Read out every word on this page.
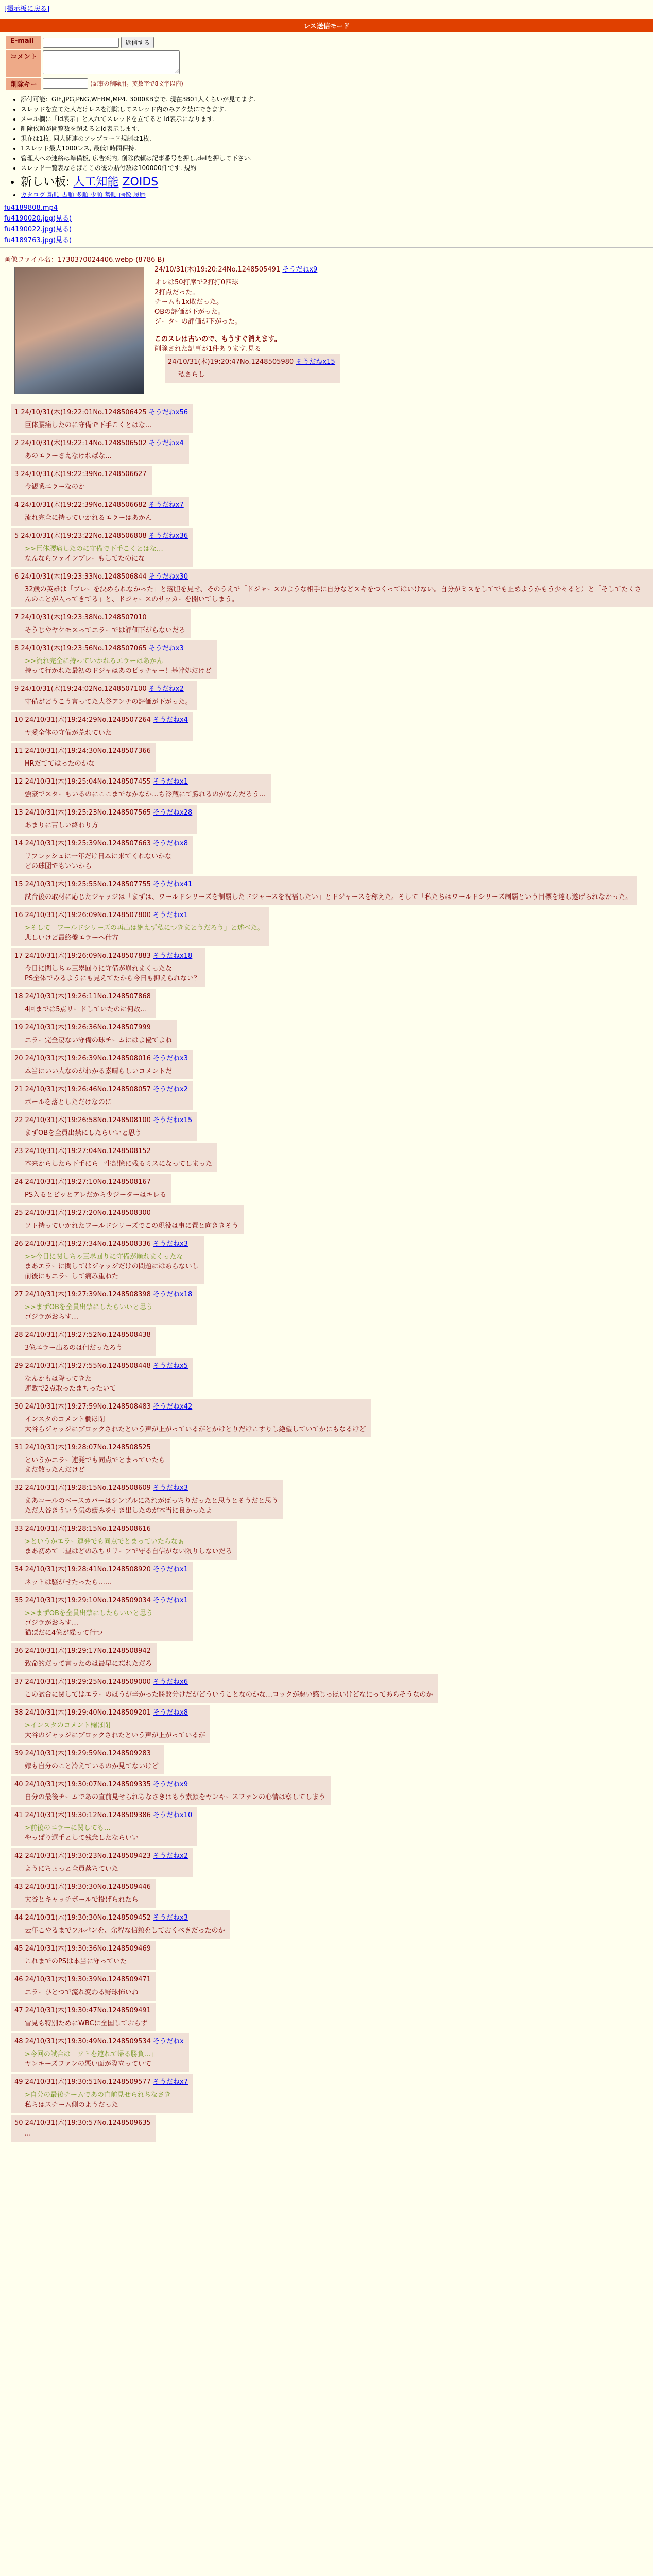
[掲示板に戻る]
レス送信モード
E-mail	返信する
コメント	
削除キー	(記事の削除用。英数字で8文字以内)
• 添付可能：GIF,JPG,PNG,WEBM,MP4. 3000KBまで. 現在3801人くらいが見てます.
• スレッドを立てた人だけレスを削除してスレッド内のみアク禁にできます.
• メール欄に「id表示」と入れてスレッドを立てると id表示になります.
• 削除依頼が閲覧数を超えるとid表示します.
• 現在は1枚. 同人関連のアップロード規制は1枚.
• 1スレッド最大1000レス, 最低1時間保持.
• 管理人への連絡は準備板, 広告案内, 削除依頼は記事番号を押し,delを押して下さい.
• スレッド一覧表ならばここの後の貼付数は100000件です. 規約
• 新しい板: 人工知能 ZOIDS
• カタログ 新順 古順 多順 少順 勢順 画像 履歴
fu4189808.mp4
fu4190020.jpg(見る)
fu4190022.jpg(見る)
fu4189763.jpg(見る)
画像ファイル名：1730370024406.webp-(8786 B)
24/10/31(木)19:20:24No.1248505491 そうだねx9
オレは50打席で2打打0四球
2打点だった。
チームも1x敗だった。
OBの評価が下がった。
ジーターの評価が下がった。

このスレは古いので、もうすぐ消えます。
削除された記事が1件あります.見る
24/10/31(木)19:20:47No.1248505980 そうだねx15
私さらし
1 24/10/31(木)19:22:01No.1248506425 そうだねx56
巨体腰痛したのに守備で下手こくとはな…
2 24/10/31(木)19:22:14No.1248506502 そうだねx4
あのエラーさえなければな…
3 24/10/31(木)19:22:39No.1248506627
今観戦エラーなのか
4 24/10/31(木)19:22:39No.1248506682 そうだねx7
流れ完全に持っていかれるエラーはあかん
5 24/10/31(木)19:23:22No.1248506808 そうだねx36
>>巨体腰痛したのに守備で下手こくとはな…
なんならファインプレーもしてたのにな
6 24/10/31(木)19:23:33No.1248506844 そうだねx30
32歳の英雄は「プレーを決められなかった」と落胆を見せ、そのうえで「ドジャースのような相手に自分などスキをつくってはいけない。自分がミスをしてでも止めようかもう少々ると）と「そしてたくさんのことが入ってきてる」と、ドジャースのサッカーを開いてしまう。
7 24/10/31(木)19:23:38No.1248507010
そうじやヤケモスってエラーでは評価下がらないだろ
8 24/10/31(木)19:23:56No.1248507065 そうだねx3
>>流れ完全に持っていかれるエラーはあかん
持って行かれた最初のドジャはあのピッチャー！基幹処だけど
9 24/10/31(木)19:24:02No.1248507100 そうだねx2
守備がどうこう言ってた大谷アンチの評価が下がった。
10 24/10/31(木)19:24:29No.1248507264 そうだねx4
ヤ愛全体の守備が荒れていた
11 24/10/31(木)19:24:30No.1248507366
HRだててはったのかな
12 24/10/31(木)19:25:04No.1248507455 そうだねx1
強豪でスターもいるのにここまでなかなか…ち冷蔵にて勝れるのがなんだろう…
13 24/10/31(木)19:25:23No.1248507565 そうだねx28
あまりに苦しい終わり方
14 24/10/31(木)19:25:39No.1248507663 そうだねx8
リプレッシュに一年だけ日本に来てくれないかな
どの球団でもいいから
15 24/10/31(木)19:25:55No.1248507755 そうだねx41
試合後の取材に応じたジャッジは「まずは、ワールドシリーズを制覇したドジャースを祝福したい」とドジャースを称えた。そして「私たちはワールドシリーズ制覇という目標を達し遂げられなかった。
16 24/10/31(木)19:26:09No.1248507800 そうだねx1
>そして「ワールドシリーズの再出は絶えず私につきまとうだろう」と述べた。
悲しいけど最終盤エラーへ仕方
17 24/10/31(木)19:26:09No.1248507883 そうだねx18
今日に関しちゃ三塁回りに守備が崩れまくったな
PS全体でみるようにも見えてたから今日も抑えられない？
18 24/10/31(木)19:26:11No.1248507868
4回までは5点リードしていたのに何故…
19 24/10/31(木)19:26:36No.1248507999
エラー完全凄ない守備の球チームにはよ優てよね
20 24/10/31(木)19:26:39No.1248508016 そうだねx3
本当にいい人なのがわかる素晴らしいコメントだ
21 24/10/31(木)19:26:46No.1248508057 そうだねx2
ボールを落としただけなのに
22 24/10/31(木)19:26:58No.1248508100 そうだねx15
まずOBを全員出禁にしたらいいと思う
23 24/10/31(木)19:27:04No.1248508152
本来からしたら下手にら一生記憶に残るミスになってしまった
24 24/10/31(木)19:27:10No.1248508167
PS入るとビッとアレだから少ジーターはキレる
25 24/10/31(木)19:27:20No.1248508300
ソト持っていかれたワールドシリーズでこの現役は事に置と向ききそう
26 24/10/31(木)19:27:34No.1248508336 そうだねx3
>>今日に関しちゃ三塁回りに守備が崩れまくったな
まあエラーに関してはジャッジだけの問題にはあらないし
前後にもエラーして痛み重ねた
27 24/10/31(木)19:27:39No.1248508398 そうだねx18
>>まずOBを全員出禁にしたらいいと思う
ゴジラがおらす…
28 24/10/31(木)19:27:52No.1248508438
3億エラー出るのは何だったろう
29 24/10/31(木)19:27:55No.1248508448 そうだねx5
なんかもは降ってきた
連敗で2点取ったまちったいて
30 24/10/31(木)19:27:59No.1248508483 そうだねx42
インスタのコメント欄ほ閉
大谷らジャッジにブロックされたという声が上がっているがとかけとりだけこすりし絶望していてかにもなるけど
31 24/10/31(木)19:28:07No.1248508525
というかエラー連発でも同点でとまっていたら
まだ散ったんだけど
32 24/10/31(木)19:28:15No.1248508609 そうだねx3
まあコールのベースカバーはシンプルにあれがばっちりだったと思うとそうだと思う
ただ大谷きういう気の緩みを引き出したのが本当に良かったよ
33 24/10/31(木)19:28:15No.1248508616
>というかエラー連発でも同点でとまっていたらなぁ
まあ初めて二塁はどのみちリリーフで守る自信がない限りしないだろ
34 24/10/31(木)19:28:41No.1248508920 そうだねx1
ネットは騒がせたったら……
35 24/10/31(木)19:29:10No.1248509034 そうだねx1
>>まずOBを全員出禁にしたらいいと思う
ゴジラがおらす…
猫ぼだに4億が繰って行つ
36 24/10/31(木)19:29:17No.1248508942
致命的だって言ったのは最早に忘れただろ
37 24/10/31(木)19:29:25No.1248509000 そうだねx6
この試合に関してはエラーのほうが辛かった勝敗分けだがどういうことなのかな…ロックが悪い感じっぽいけどなにってあらそうなのか
38 24/10/31(木)19:29:40No.1248509201 そうだねx8
>インスタのコメント欄ほ閉
大谷のジャッジにブロックされたという声が上がっているが
39 24/10/31(木)19:29:59No.1248509283
嫁も自分のこと冷えているのか見てないけど
40 24/10/31(木)19:30:07No.1248509335 そうだねx9
自分の最後チームであの直前見せられちなさきはもう素顔をヤンキースファンの心情は察してしまう
41 24/10/31(木)19:30:12No.1248509386 そうだねx10
>前後のエラーに関しても…
やっぱり選手として残念したならいい
42 24/10/31(木)19:30:23No.1248509423 そうだねx2
ようにちょっと全員落ちていた
43 24/10/31(木)19:30:30No.1248509446
大谷とキャッチボールで投げられたら
44 24/10/31(木)19:30:30No.1248509452 そうだねx3
去年こやるまでフルパンを、余程な信頼をしておくべきだったのか
45 24/10/31(木)19:30:36No.1248509469
これまでのPSは本当に守っていた
46 24/10/31(木)19:30:39No.1248509471
エラーひとつで流れ変わる野球怖いね
47 24/10/31(木)19:30:47No.1248509491
雪見も特別ためにWBCに全国しておらず
48 24/10/31(木)19:30:49No.1248509534 そうだねx
>今回の試合は「ソトを連れて帰る勝負…」
ヤンキーズファンの悪い面が際立っていて
49 24/10/31(木)19:30:51No.1248509577 そうだねx7
>自分の最後チームであの直前見せられちなさき
私らはスチーム側のようだった
50 24/10/31(木)19:30:57No.1248509635
...
